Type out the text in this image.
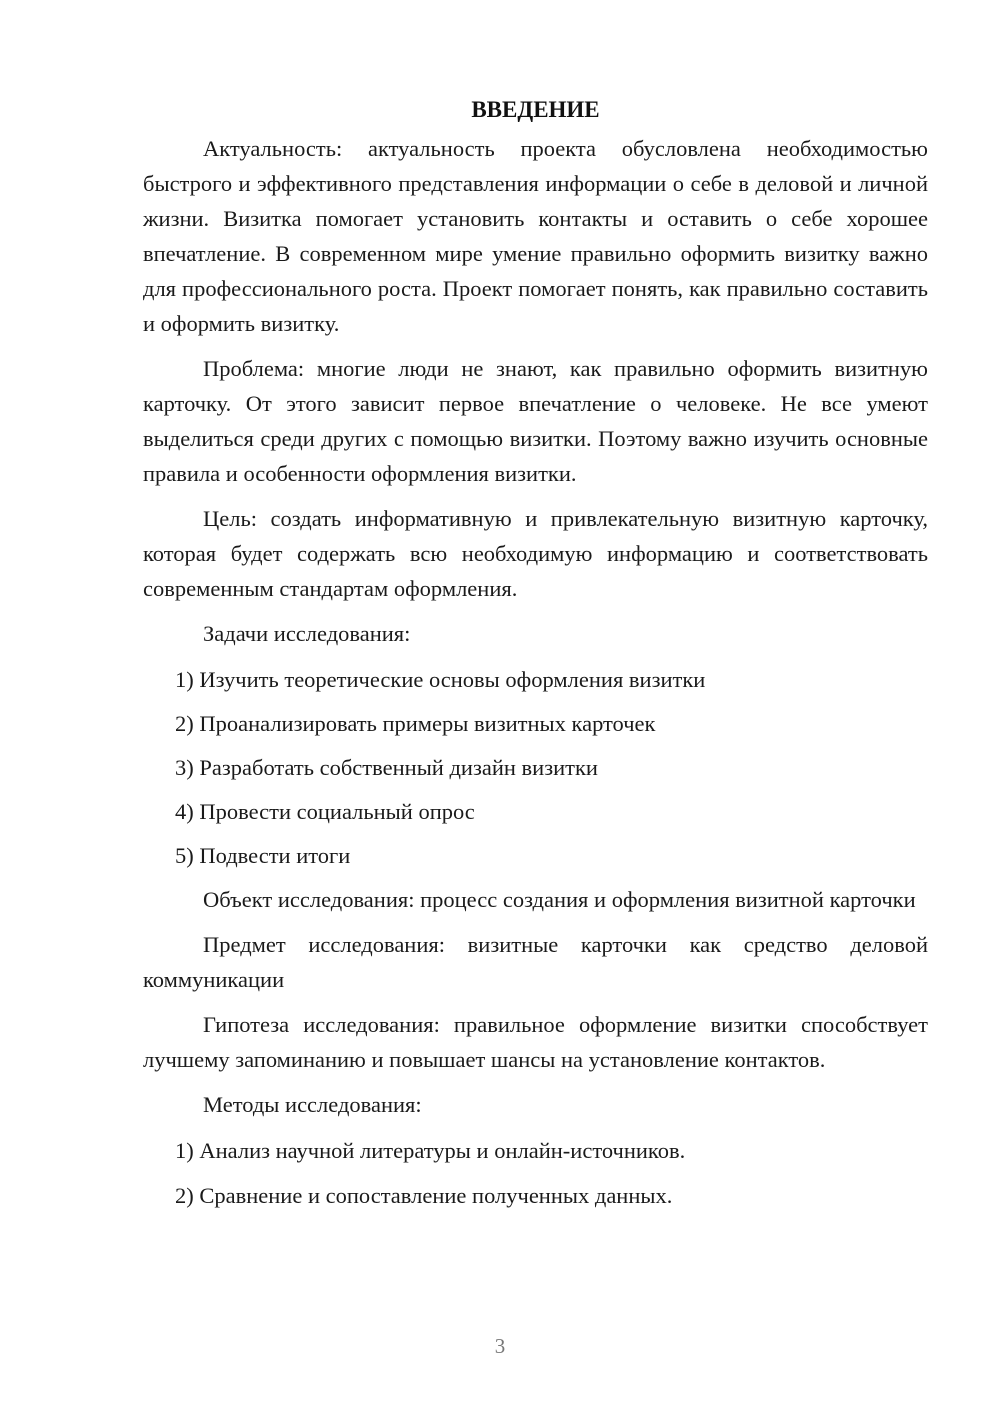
ВВЕДЕНИЕ

Актуальность: актуальность проекта обусловлена необходимостью быстрого и эффективного представления информации о себе в деловой и личной жизни. Визитка помогает установить контакты и оставить о себе хорошее впечатление. В современном мире умение правильно оформить визитку важно для профессионального роста. Проект помогает понять, как правильно составить и оформить визитку.

Проблема: многие люди не знают, как правильно оформить визитную карточку. От этого зависит первое впечатление о человеке. Не все умеют выделиться среди других с помощью визитки. Поэтому важно изучить основные правила и особенности оформления визитки.

Цель: создать информативную и привлекательную визитную карточку, которая будет содержать всю необходимую информацию и соответствовать современным стандартам оформления.

Задачи исследования:

1) Изучить теоретические основы оформления визитки
2) Проанализировать примеры визитных карточек
3) Разработать собственный дизайн визитки
4) Провести социальный опрос
5) Подвести итоги

Объект исследования: процесс создания и оформления визитной карточки

Предмет исследования: визитные карточки как средство деловой коммуникации

Гипотеза исследования: правильное оформление визитки способствует лучшему запоминанию и повышает шансы на установление контактов.

Методы исследования:

1) Анализ научной литературы и онлайн-источников.
2) Сравнение и сопоставление полученных данных.
3
